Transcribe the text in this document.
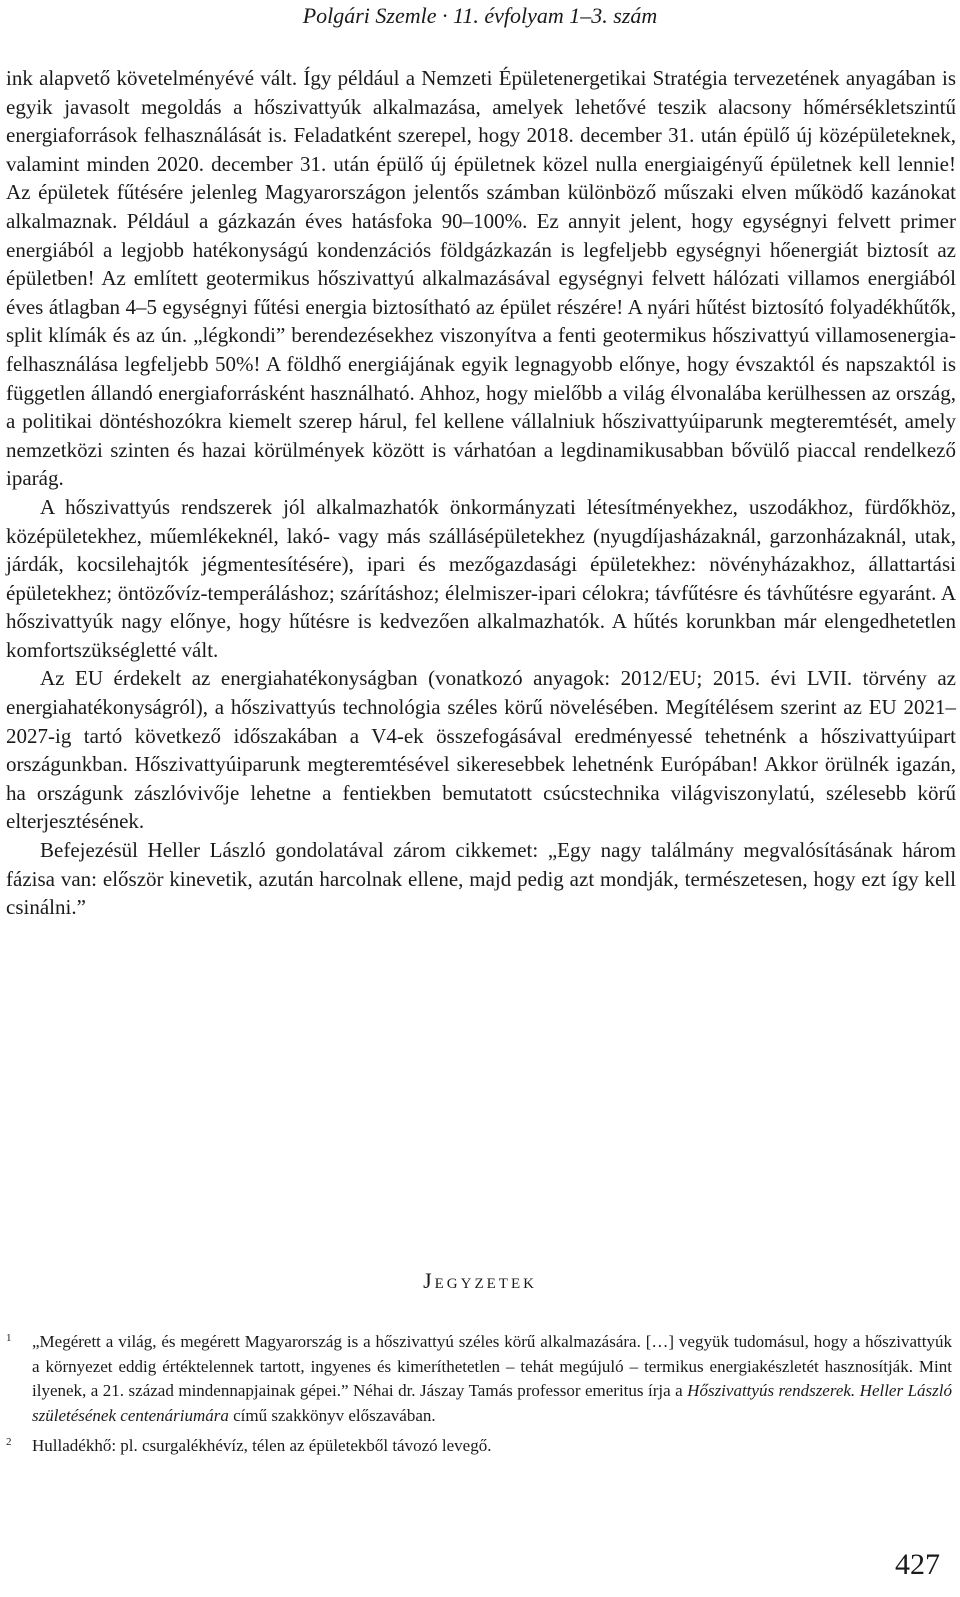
Polgári Szemle · 11. évfolyam 1–3. szám

ink alapvető követelményévé vált. Így például a Nemzeti Épületenergetikai Stratégia tervezetének anyagában is egyik javasolt megoldás a hőszivattyúk alkalmazása, amelyek lehetővé teszik alacsony hőmérsékletszintű energiaforrások felhasználását is. Feladatként szerepel, hogy 2018. december 31. után épülő új középületeknek, valamint minden 2020. december 31. után épülő új épületnek közel nulla energiaigényű épületnek kell lennie! Az épületek fűtésére jelenleg Magyarországon jelentős számban különböző műszaki elven működő kazánokat alkalmaznak. Például a gázkazán éves hatásfoka 90–100%. Ez annyit jelent, hogy egységnyi felvett primer energiából a legjobb hatékonyságú kondenzációs földgázkazán is legfeljebb egységnyi hőenergiát biztosít az épületben! Az említett geotermikus hőszivattyú alkalmazásával egységnyi felvett hálózati villamos energiából éves átlagban 4–5 egységnyi fűtési energia biztosítható az épület részére! A nyári hűtést biztosító folyadékhűtők, split klímák és az ún. „légkondi” berendezésekhez viszonyítva a fenti geotermikus hőszivattyú villamosenergia-felhasználása legfeljebb 50%! A földhő energiájának egyik legnagyobb előnye, hogy évszaktól és napszaktól is független állandó energiaforrásként használható. Ahhoz, hogy mielőbb a világ élvonalába kerülhessen az ország, a politikai döntéshozókra kiemelt szerep hárul, fel kellene vállalniuk hőszivattyúiparunk megteremtését, amely nemzetközi szinten és hazai körülmények között is várhatóan a legdinamikusabban bővülő piaccal rendelkező iparág.

A hőszivattyús rendszerek jól alkalmazhatók önkormányzati létesítményekhez, uszodákhoz, fürdőkhöz, középületekhez, műemlékeknél, lakó- vagy más szállásépületekhez (nyugdíjasházaknál, garzonházaknál, utak, járdák, kocsilehajtók jégmentesítésére), ipari és mezőgazdasági épületekhez: növényházakhoz, állattartási épületekhez; öntözővíz-temperáláshoz; szárításhoz; élelmiszer-ipari célokra; távfűtésre és távhűtésre egyaránt. A hőszivattyúk nagy előnye, hogy hűtésre is kedvezően alkalmazhatók. A hűtés korunkban már elengedhetetlen komfortszükségletté vált.

Az EU érdekelt az energiahatékonyságban (vonatkozó anyagok: 2012/EU; 2015. évi LVII. törvény az energiahatékonyságról), a hőszivattyús technológia széles körű növelésében. Megítélésem szerint az EU 2021–2027-ig tartó következő időszakában a V4-ek összefogásával eredményessé tehetnénk a hőszivattyúipart országunkban. Hőszivattyúiparunk megteremtésével sikeresebbek lehetnénk Európában! Akkor örülnék igazán, ha országunk zászlóvivője lehetne a fentiekben bemutatott csúcstechnika világviszonylatú, szélesebb körű elterjesztésének.

Befejezésül Heller László gondolatával zárom cikkemet: „Egy nagy találmány megvalósításának három fázisa van: először kinevetik, azután harcolnak ellene, majd pedig azt mondják, természetesen, hogy ezt így kell csinálni.”

Jegyzetek
1	„Megérett a világ, és megérett Magyarország is a hőszivattyú széles körű alkalmazására. […] vegyük tudomásul, hogy a hőszivattyúk a környezet eddig értéktelennek tartott, ingyenes és kimeríthetetlen – tehát megújuló – termikus energiakészletét hasznosítják. Mint ilyenek, a 21. század mindennapjainak gépei.” Néhai dr. Jászay Tamás professor emeritus írja a Hőszivattyús rendszerek. Heller László születésének centenáriumára című szakkönyv előszavában.
2	Hulladékhő: pl. csurgalékhévíz, télen az épületekből távozó levegő.
427
